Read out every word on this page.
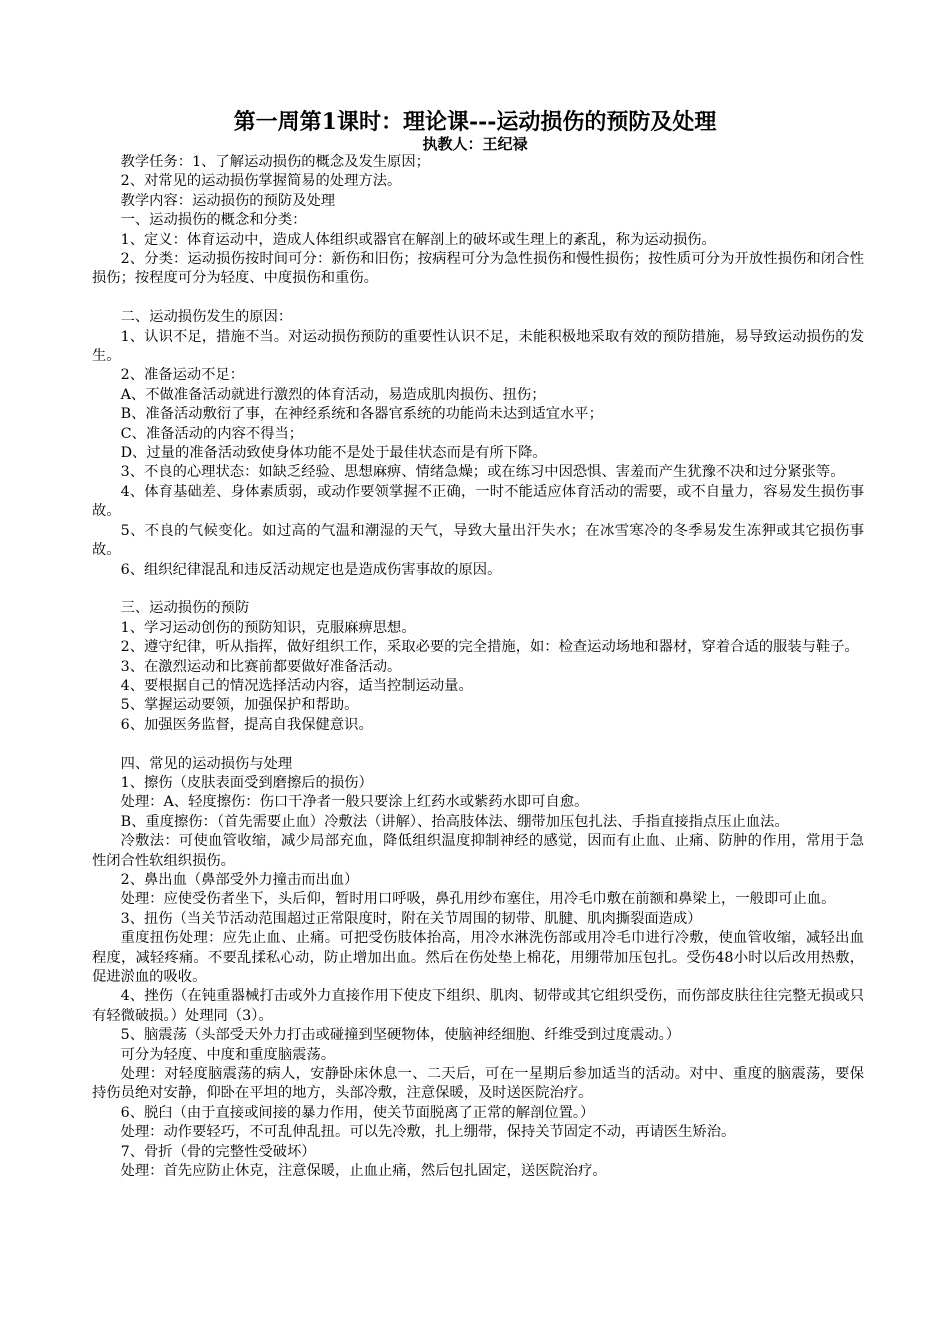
第一周第1课时：理论课---运动损伤的预防及处理
执教人：王纪禄

教学任务：1、了解运动损伤的概念及发生原因；

2、对常见的运动损伤掌握简易的处理方法。

教学内容：运动损伤的预防及处理

一、运动损伤的概念和分类：

1、定义：体育运动中，造成人体组织或器官在解剖上的破坏或生理上的紊乱，称为运动损伤。

2、分类：运动损伤按时间可分：新伤和旧伤；按病程可分为急性损伤和慢性损伤；按性质可分为开放性损伤和闭合性损伤；按程度可分为轻度、中度损伤和重伤。

二、运动损伤发生的原因：

1、认识不足，措施不当。对运动损伤预防的重要性认识不足，未能积极地采取有效的预防措施，易导致运动损伤的发生。

2、准备运动不足：

A、不做准备活动就进行激烈的体育活动，易造成肌肉损伤、扭伤；

B、准备活动敷衍了事，在神经系统和各器官系统的功能尚未达到适宜水平；

C、准备活动的内容不得当；

D、过量的准备活动致使身体功能不是处于最佳状态而是有所下降。

3、不良的心理状态：如缺乏经验、思想麻痹、情绪急燥；或在练习中因恐惧、害羞而产生犹豫不决和过分紧张等。

4、体育基础差、身体素质弱，或动作要领掌握不正确，一时不能适应体育活动的需要，或不自量力，容易发生损伤事故。

5、不良的气候变化。如过高的气温和潮湿的天气，导致大量出汗失水；在冰雪寒冷的冬季易发生冻狎或其它损伤事故。

6、组织纪律混乱和违反活动规定也是造成伤害事故的原因。

三、运动损伤的预防

1、学习运动创伤的预防知识，克服麻痹思想。

2、遵守纪律，听从指挥，做好组织工作，采取必要的完全措施，如：检查运动场地和器材，穿着合适的服装与鞋子。

3、在激烈运动和比赛前都要做好准备活动。

4、要根据自己的情况选择活动内容，适当控制运动量。

5、掌握运动要领，加强保护和帮助。

6、加强医务监督，提高自我保健意识。

四、常见的运动损伤与处理

1、擦伤（皮肤表面受到磨擦后的损伤）

处理：A、轻度擦伤：伤口干净者一般只要涂上红药水或紫药水即可自愈。

B、重度擦伤：（首先需要止血）冷敷法（讲解）、抬高肢体法、绷带加压包扎法、手指直接指点压止血法。

冷敷法：可使血管收缩，减少局部充血，降低组织温度抑制神经的感觉，因而有止血、止痛、防肿的作用，常用于急性闭合性软组织损伤。

2、鼻出血（鼻部受外力撞击而出血）

处理：应使受伤者坐下，头后仰，暂时用口呼吸，鼻孔用纱布塞住，用冷毛巾敷在前额和鼻梁上，一般即可止血。

3、扭伤（当关节活动范围超过正常限度时，附在关节周围的韧带、肌腱、肌肉撕裂面造成）

重度扭伤处理：应先止血、止痛。可把受伤肢体抬高，用冷水淋洗伤部或用冷毛巾进行冷敷，使血管收缩，减轻出血程度，减轻疼痛。不要乱揉私心动，防止增加出血。然后在伤处垫上棉花，用绷带加压包扎。受伤48小时以后改用热敷，促进淤血的吸收。

4、挫伤（在钝重器械打击或外力直接作用下使皮下组织、肌肉、韧带或其它组织受伤，而伤部皮肤往往完整无损或只有轻微破损。）处理同（3）。

5、脑震荡（头部受天外力打击或碰撞到坚硬物体，使脑神经细胞、纤维受到过度震动。）

可分为轻度、中度和重度脑震荡。

处理：对轻度脑震荡的病人，安静卧床休息一、二天后，可在一星期后参加适当的活动。对中、重度的脑震荡，要保持伤员绝对安静，仰卧在平坦的地方，头部冷敷，注意保暖，及时送医院治疗。

6、脱臼（由于直接或间接的暴力作用，使关节面脱离了正常的解剖位置。）

处理：动作要轻巧，不可乱伸乱扭。可以先冷敷，扎上绷带，保持关节固定不动，再请医生矫治。

7、骨折（骨的完整性受破坏）

处理：首先应防止休克，注意保暖，止血止痛，然后包扎固定，送医院治疗。
